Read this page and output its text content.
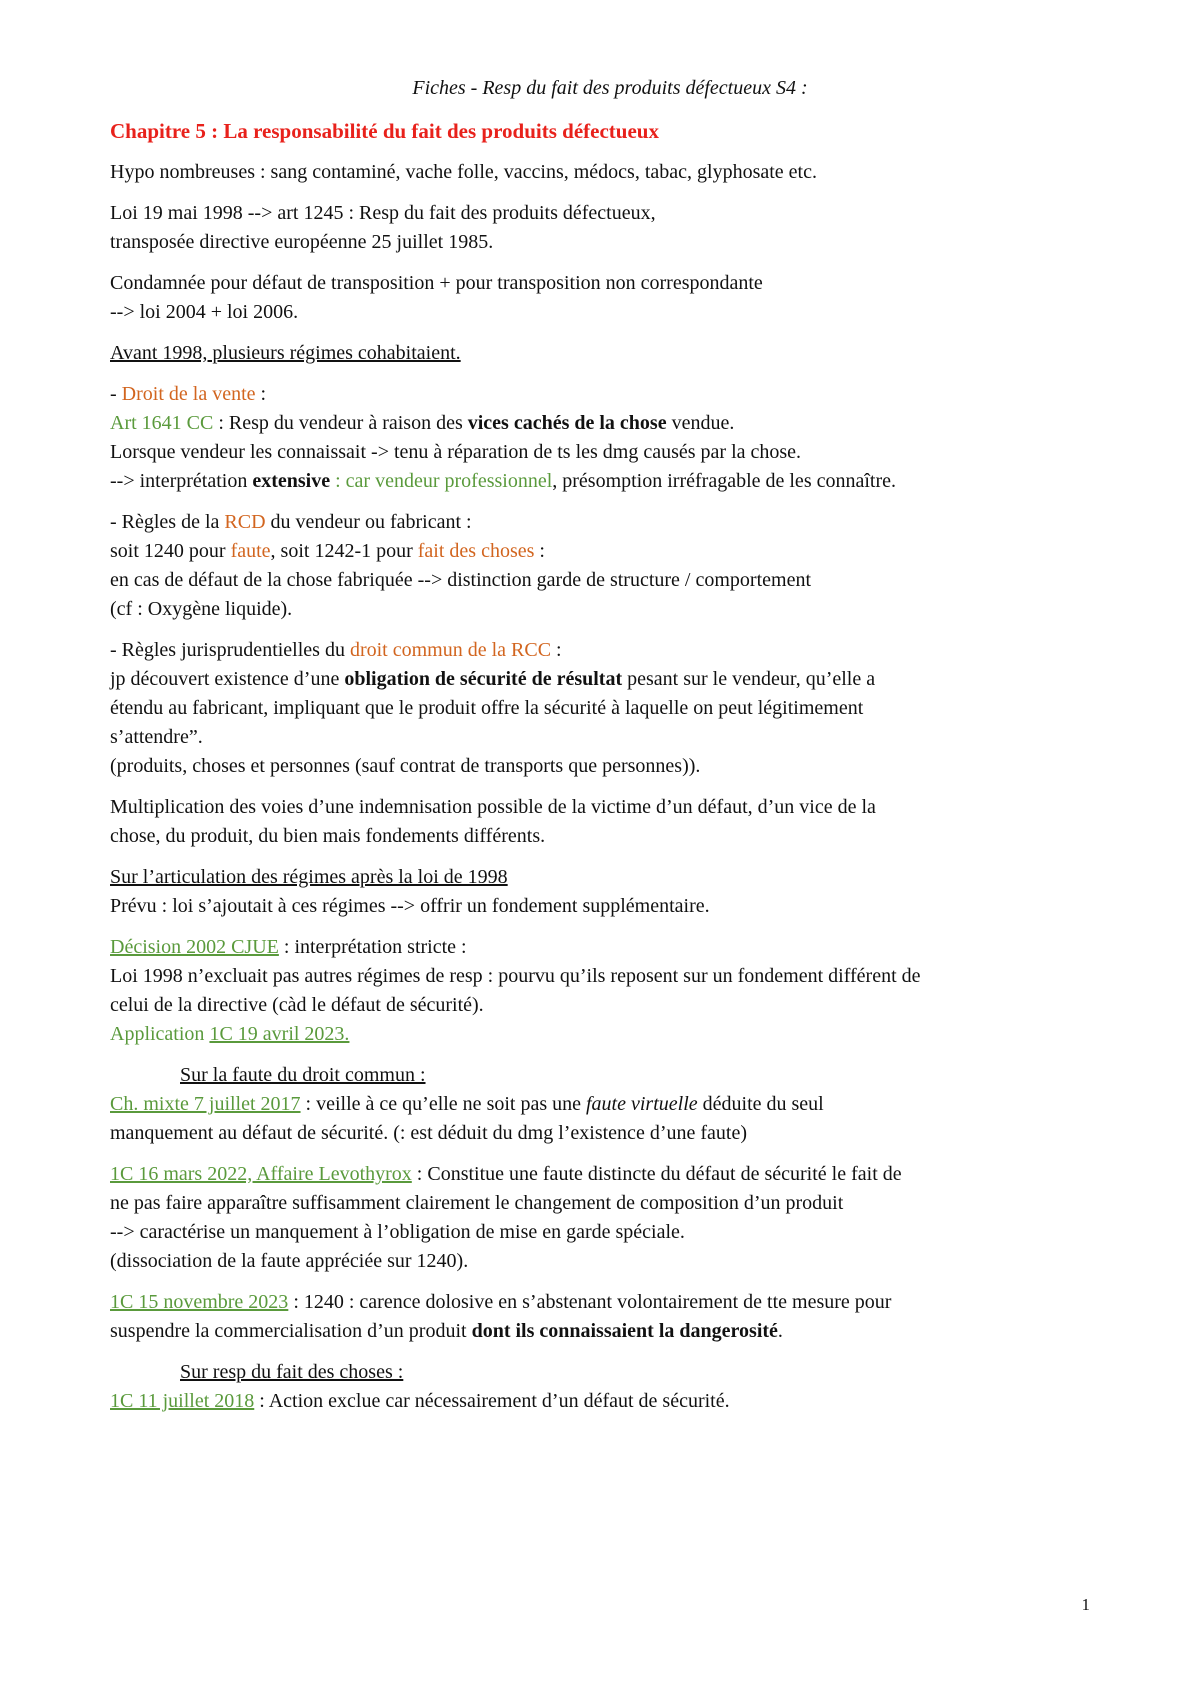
Fiches - Resp du fait des produits défectueux S4 :

Chapitre 5 : La responsabilité du fait des produits défectueux

Hypo nombreuses : sang contaminé, vache folle, vaccins, médocs, tabac, glyphosate etc.

Loi 19 mai 1998 --> art 1245 : Resp du fait des produits défectueux,
transposée directive européenne 25 juillet 1985.

Condamnée pour défaut de transposition + pour transposition non correspondante
--> loi 2004 + loi 2006.

Avant 1998, plusieurs régimes cohabitaient.

- Droit de la vente :
Art 1641 CC : Resp du vendeur à raison des vices cachés de la chose vendue.
Lorsque vendeur les connaissait -> tenu à réparation de ts les dmg causés par la chose.
--> interprétation extensive : car vendeur professionnel, présomption irréfragable de les connaître.

- Règles de la RCD du vendeur ou fabricant :
soit 1240 pour faute, soit 1242-1 pour fait des choses :
en cas de défaut de la chose fabriquée --> distinction garde de structure / comportement
(cf : Oxygène liquide).

- Règles jurisprudentielles du droit commun de la RCC :
jp découvert existence d’une obligation de sécurité de résultat pesant sur le vendeur, qu’elle a
étendu au fabricant, impliquant que le produit offre la sécurité à laquelle on peut légitimement
s’attendre”.
(produits, choses et personnes (sauf contrat de transports que personnes)).

Multiplication des voies d’une indemnisation possible de la victime d’un défaut, d’un vice de la
chose, du produit, du bien mais fondements différents.

Sur l’articulation des régimes après la loi de 1998
Prévu : loi s’ajoutait à ces régimes --> offrir un fondement supplémentaire.

Décision 2002 CJUE : interprétation stricte :
Loi 1998 n’excluait pas autres régimes de resp : pourvu qu’ils reposent sur un fondement différent de
celui de la directive (càd le défaut de sécurité).
Application 1C 19 avril 2023.

Sur la faute du droit commun :

Ch. mixte 7 juillet 2017 : veille à ce qu’elle ne soit pas une faute virtuelle déduite du seul
manquement au défaut de sécurité. (: est déduit du dmg l’existence d’une faute)

1C 16 mars 2022, Affaire Levothyrox : Constitue une faute distincte du défaut de sécurité le fait de
ne pas faire apparaître suffisamment clairement le changement de composition d’un produit
--> caractérise un manquement à l’obligation de mise en garde spéciale.
(dissociation de la faute appréciée sur 1240).

1C 15 novembre 2023 : 1240 : carence dolosive en s’abstenant volontairement de tte mesure pour
suspendre la commercialisation d’un produit dont ils connaissaient la dangerosité.

Sur resp du fait des choses :

1C 11 juillet 2018 : Action exclue car nécessairement d’un défaut de sécurité.

1
